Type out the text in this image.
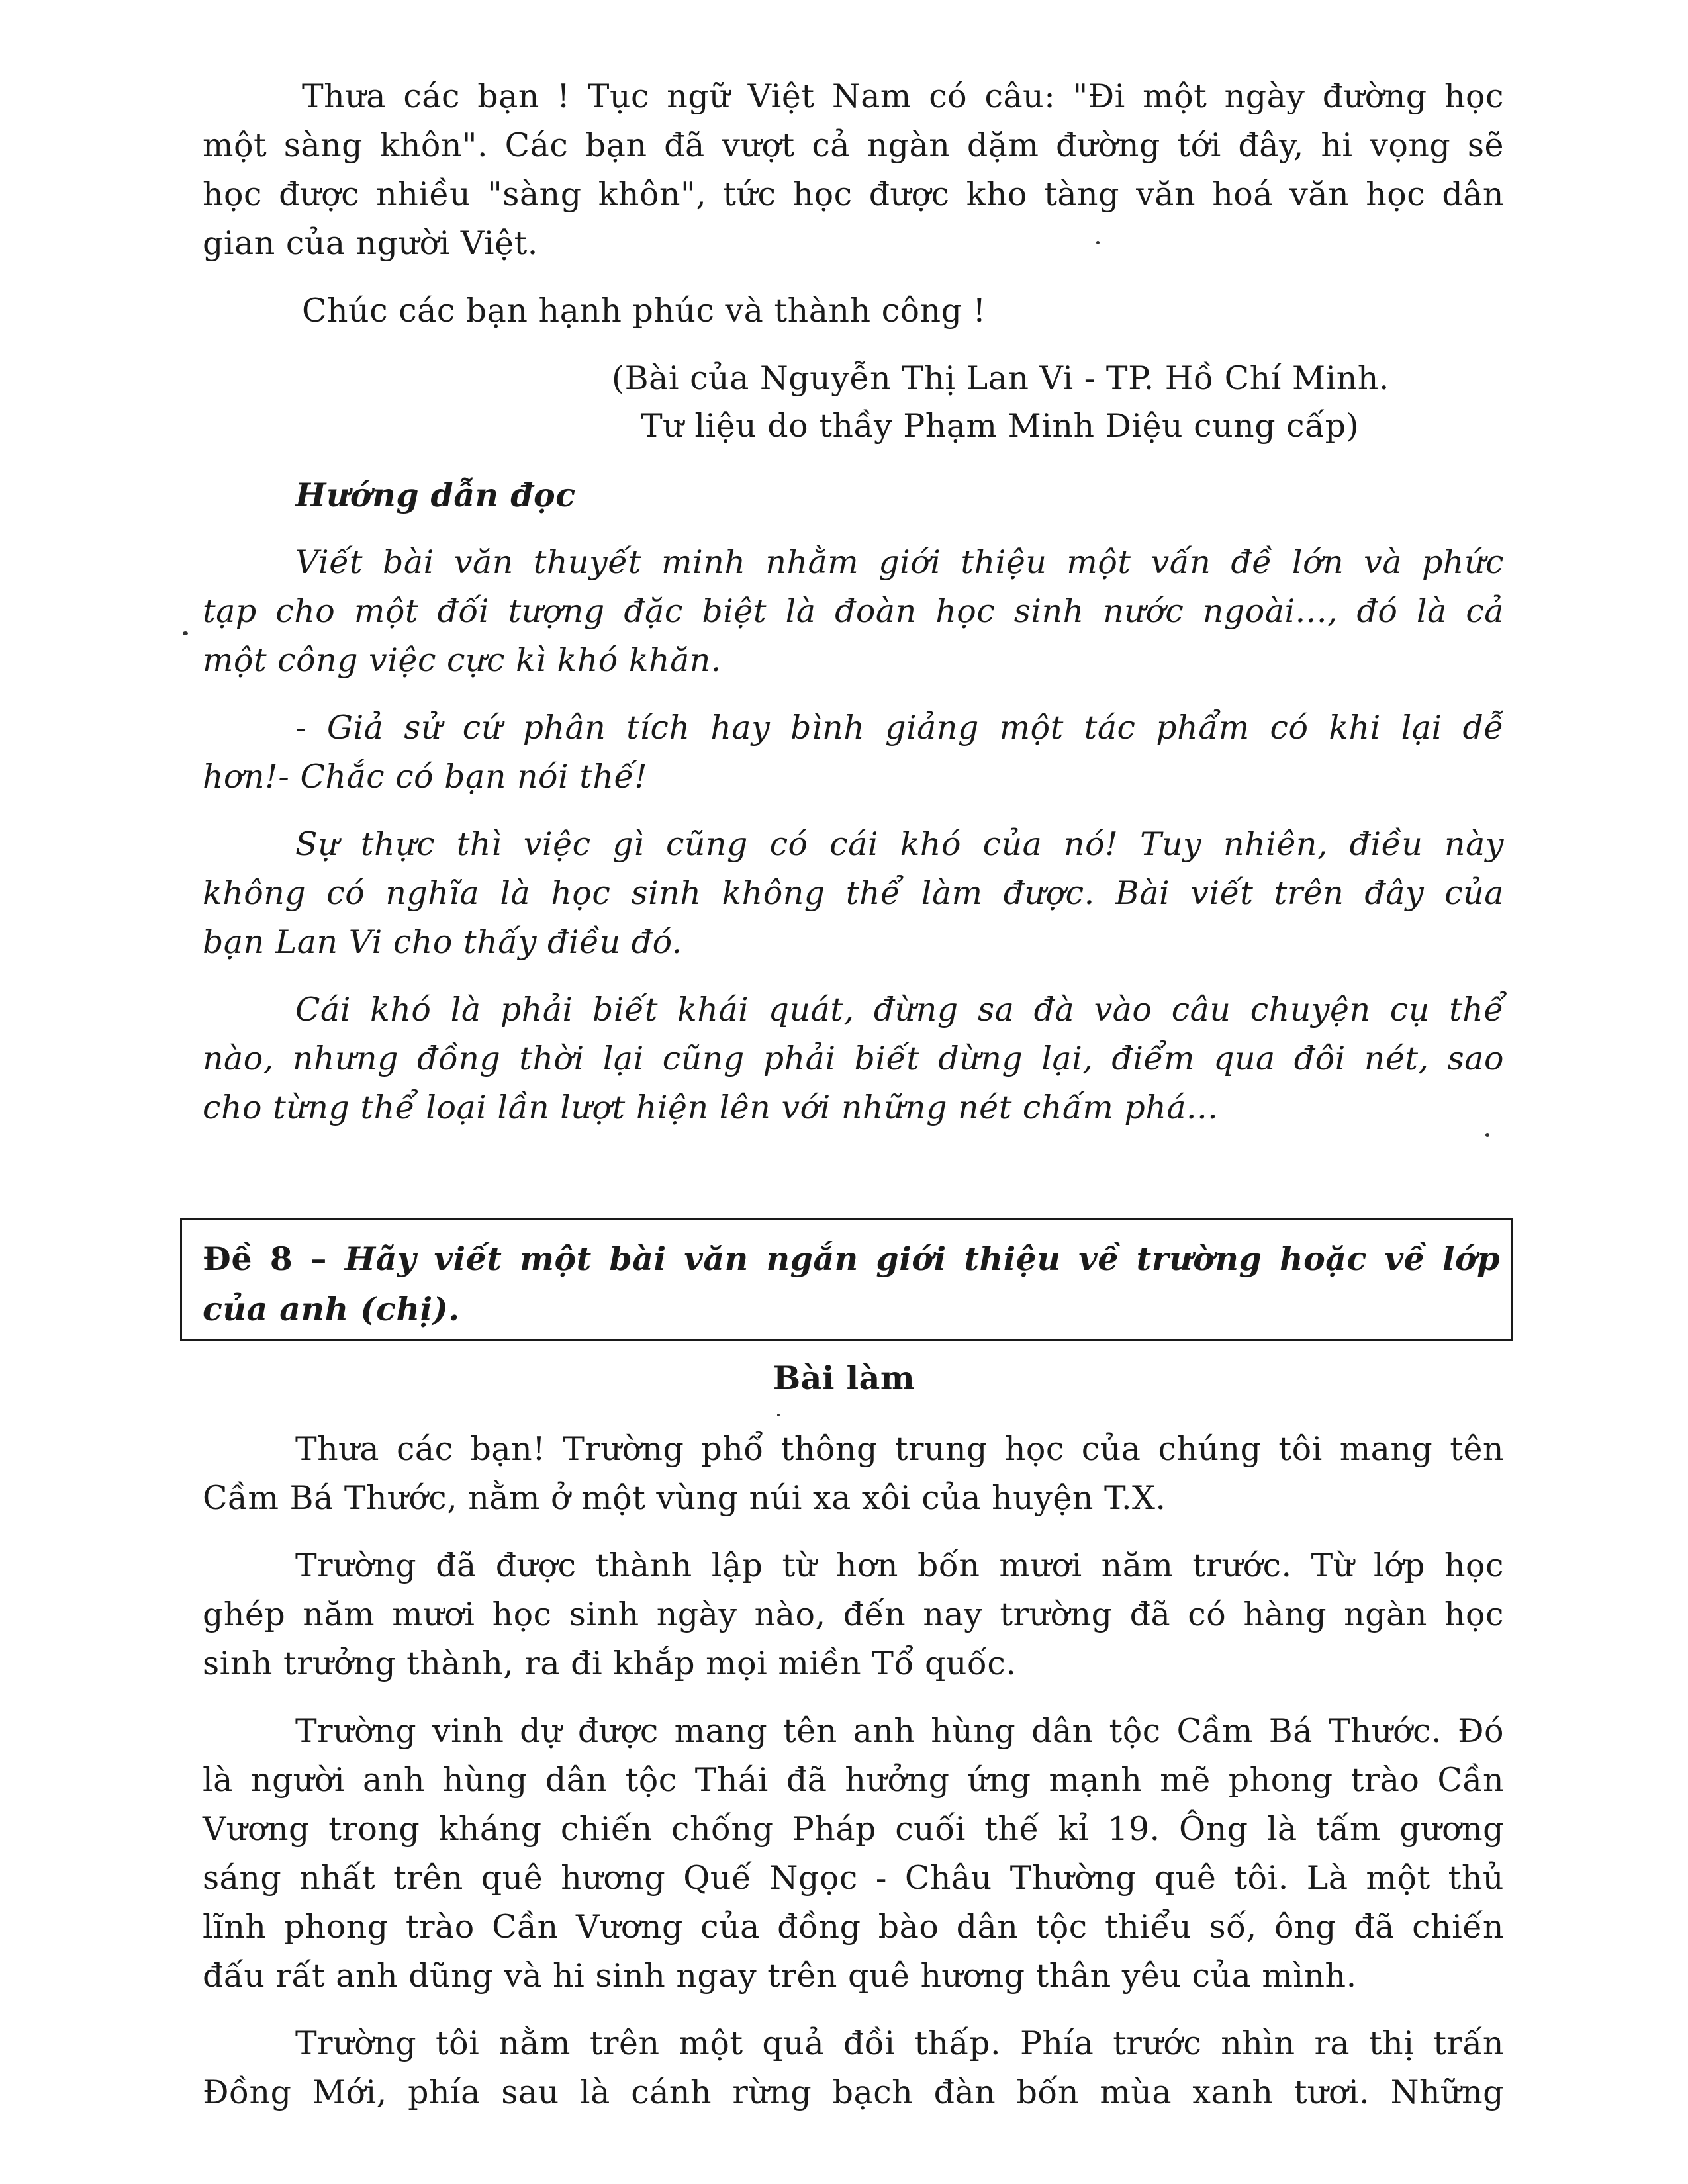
Thưa các bạn ! Tục ngữ Việt Nam có câu: "Đi một ngày đường học
một sàng khôn". Các bạn đã vượt cả ngàn dặm đường tới đây, hi vọng sẽ
học được nhiều "sàng khôn", tức học được kho tàng văn hoá văn học dân
gian của người Việt.
Chúc các bạn hạnh phúc và thành công !
(Bài của Nguyễn Thị Lan Vi - TP. Hồ Chí Minh.
Tư liệu do thầy Phạm Minh Diệu cung cấp)
Hướng dẫn đọc
Viết bài văn thuyết minh nhằm giới thiệu một vấn đề lớn và phức
tạp cho một đối tượng đặc biệt là đoàn học sinh nước ngoài..., đó là cả
một công việc cực kì khó khăn.
- Giả sử cứ phân tích hay bình giảng một tác phẩm có khi lại dễ
hơn!- Chắc có bạn nói thế!
Sự thực thì việc gì cũng có cái khó của nó! Tuy nhiên, điều này
không có nghĩa là học sinh không thể làm được. Bài viết trên đây của
bạn Lan Vi cho thấy điều đó.
Cái khó là phải biết khái quát, đừng sa đà vào câu chuyện cụ thể
nào, nhưng đồng thời lại cũng phải biết dừng lại, điểm qua đôi nét, sao
cho từng thể loại lần lượt hiện lên với những nét chấm phá...
Đề 8 – Hãy viết một bài văn ngắn giới thiệu về trường hoặc về lớp
của anh (chị).
Bài làm
Thưa các bạn! Trường phổ thông trung học của chúng tôi mang tên
Cầm Bá Thước, nằm ở một vùng núi xa xôi của huyện T.X.
Trường đã được thành lập từ hơn bốn mươi năm trước. Từ lớp học
ghép năm mươi học sinh ngày nào, đến nay trường đã có hàng ngàn học
sinh trưởng thành, ra đi khắp mọi miền Tổ quốc.
Trường vinh dự được mang tên anh hùng dân tộc Cầm Bá Thước. Đó
là người anh hùng dân tộc Thái đã hưởng ứng mạnh mẽ phong trào Cần
Vương trong kháng chiến chống Pháp cuối thế kỉ 19. Ông là tấm gương
sáng nhất trên quê hương Quế Ngọc - Châu Thường quê tôi. Là một thủ
lĩnh phong trào Cần Vương của đồng bào dân tộc thiểu số, ông đã chiến
đấu rất anh dũng và hi sinh ngay trên quê hương thân yêu của mình.
Trường tôi nằm trên một quả đồi thấp. Phía trước nhìn ra thị trấn
Đồng Mới, phía sau là cánh rừng bạch đàn bốn mùa xanh tươi. Những
